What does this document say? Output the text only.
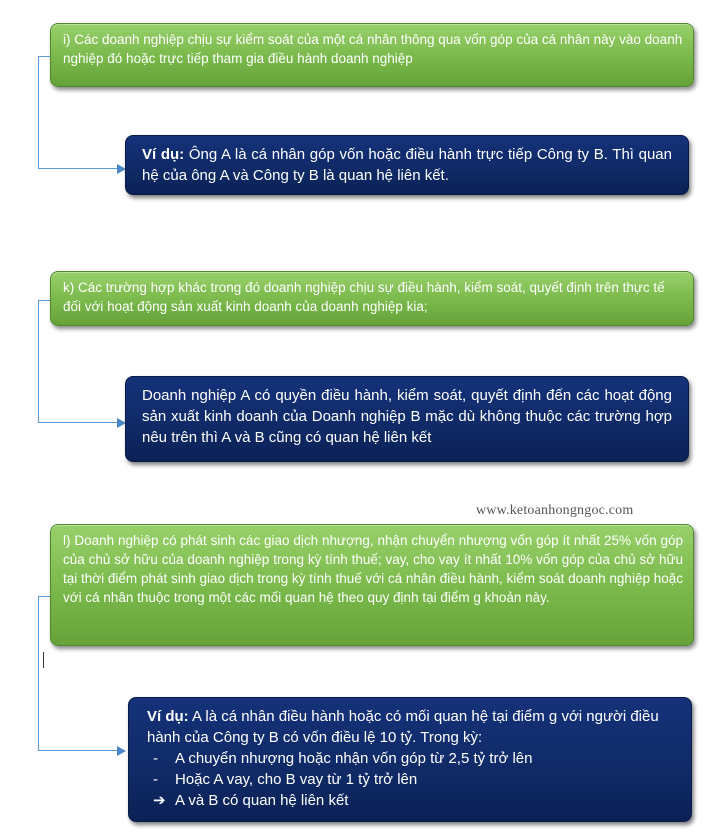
i) Các doanh nghiệp chịu sự kiểm soát của một cá nhân thông qua vốn góp của cá nhân này vào doanh nghiệp đó hoặc trực tiếp tham gia điều hành doanh nghiệp
Ví dụ: Ông A là cá nhân góp vốn hoặc điều hành trực tiếp Công ty B. Thì quan hệ của ông A và Công ty B là quan hệ liên kết.
k) Các trường hợp khác trong đó doanh nghiệp chịu sự điều hành, kiểm soát, quyết định trên thực tế đối với hoạt động sản xuất kinh doanh của doanh nghiệp kia;
Doanh nghiệp A có quyền điều hành, kiểm soát, quyết định đến các hoạt động sản xuất kinh doanh của Doanh nghiệp B mặc dù không thuộc các trường hợp nêu trên thì A và B cũng có quan hệ liên kết
www.ketoanhongngoc.com
l) Doanh nghiệp có phát sinh các giao dịch nhượng, nhận chuyển nhượng vốn góp ít nhất 25% vốn góp của chủ sở hữu của doanh nghiệp trong kỳ tính thuế; vay, cho vay ít nhất 10% vốn góp của chủ sở hữu tại thời điểm phát sinh giao dịch trong kỳ tính thuế với cá nhân điều hành, kiểm soát doanh nghiệp hoặc với cá nhân thuộc trong một các mối quan hệ theo quy định tại điểm g khoản này.
Ví dụ: A là cá nhân điều hành hoặc có mối quan hệ tại điểm g với người điều hành của Công ty B có vốn điều lệ 10 tỷ. Trong kỳ:
- A chuyển nhượng hoặc nhận vốn góp từ 2,5 tỷ trở lên
- Hoặc A vay, cho B vay từ 1 tỷ trở lên
➔ A và B có quan hệ liên kết
